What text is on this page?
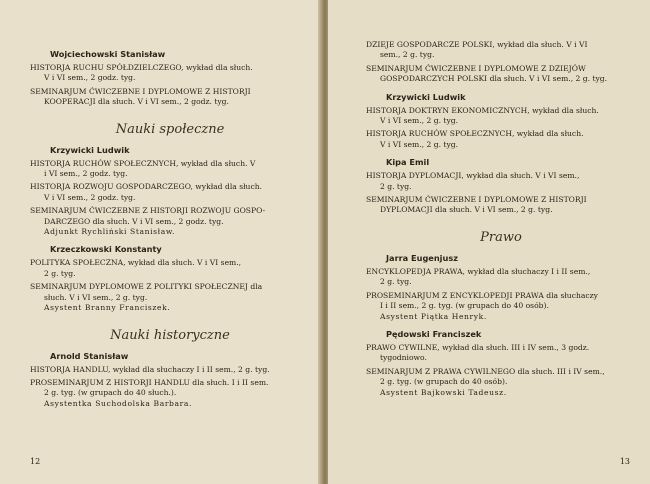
Wojciechowski Stanisław
HISTORJA RUCHU SPÓŁDZIELCZEGO, wykład dla słuch.
V i VI sem., 2 godz. tyg.
SEMINARJUM ĆWICZEBNE I DYPLOMOWE Z HISTORJI
KOOPERACJI dla słuch. V i VI sem., 2 godz. tyg.
Nauki społeczne
Krzywicki Ludwik
HISTORJA RUCHÓW SPOŁECZNYCH, wykład dla słuch. V
i VI sem., 2 godz. tyg.
HISTORJA ROZWOJU GOSPODARCZEGO, wykład dla słuch.
V i VI sem., 2 godz. tyg.
SEMINARJUM ĆWICZEBNE Z HISTORJI ROZWOJU GOSPO-
DARCZEGO dla słuch. V i VI sem., 2 godz. tyg.
Adjunkt Rychliński Stanisław.
Krzeczkowski Konstanty
POLITYKA SPOŁECZNA, wykład dla słuch. V i VI sem.,
2 g. tyg.
SEMINARJUM DYPLOMOWE Z POLITYKI SPOŁECZNEJ dla
słuch. V i VI sem., 2 g. tyg.
Asystent Branny Franciszek.
Nauki historyczne
Arnold Stanisław
HISTORJA HANDLU, wykład dla słuchaczy I i II sem., 2 g. tyg.
PROSEMINARJUM Z HISTORJI HANDLU dla słuch. I i II sem.
2 g. tyg. (w grupach do 40 słuch.).
Asystentka Suchodolska Barbara.
12
DZIEJE GOSPODARCZE POLSKI, wykład dla słuch. V i VI
sem., 2 g. tyg.
SEMINARJUM ĆWICZEBNE I DYPLOMOWE Z DZIEJÓW
GOSPODARCZYCH POLSKI dla słuch. V i VI sem., 2 g. tyg.
Krzywicki Ludwik
HISTORJA DOKTRYN EKONOMICZNYCH, wykład dla słuch.
V i VI sem., 2 g. tyg.
HISTORJA RUCHÓW SPOŁECZNYCH, wykład dla słuch.
V i VI sem., 2 g. tyg.
Kipa Emil
HISTORJA DYPLOMACJI, wykład dla słuch. V i VI sem.,
2 g. tyg.
SEMINARJUM ĆWICZEBNE I DYPLOMOWE Z HISTORJI
DYPLOMACJI dla słuch. V i VI sem., 2 g. tyg.
Prawo
Jarra Eugenjusz
ENCYKLOPEDJA PRAWA, wykład dla słuchaczy I i II sem.,
2 g. tyg.
PROSEMINARJUM Z ENCYKLOPEDJI PRAWA dla słuchaczy
I i II sem., 2 g. tyg. (w grupach do 40 osób).
Asystent Piątka Henryk.
Pędowski Franciszek
PRAWO CYWILNE, wykład dla słuch. III i IV sem., 3 godz.
tygodniowo.
SEMINARJUM Z PRAWA CYWILNEGO dla słuch. III i IV sem.,
2 g. tyg. (w grupach do 40 osób).
Asystent Bajkowski Tadeusz.
13
